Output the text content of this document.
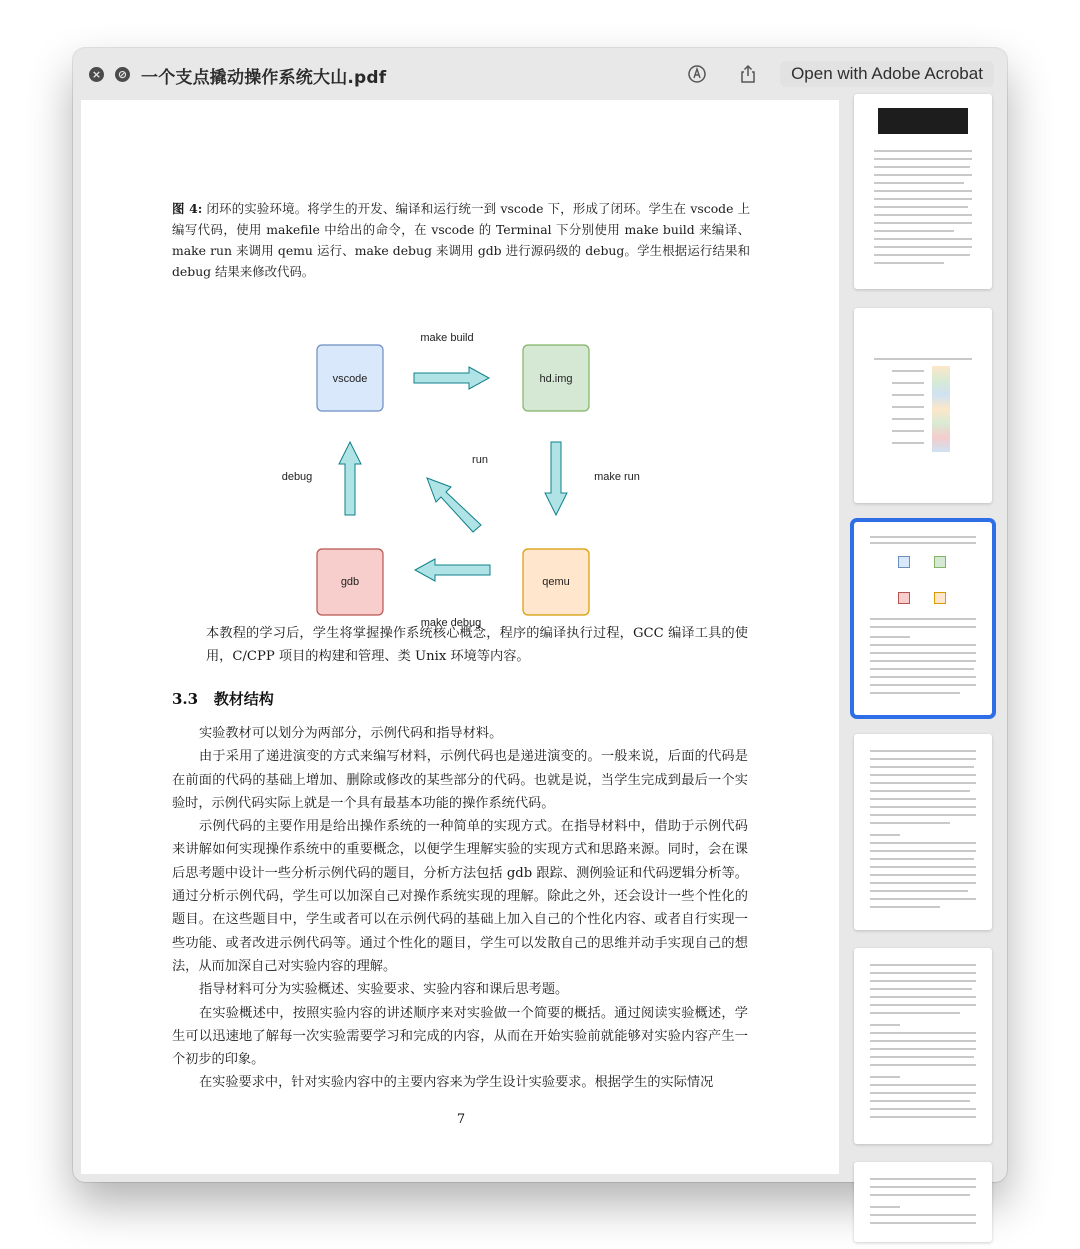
× ⊘ 一个支点撬动操作系统大山.pdf	Open with Adobe Acrobat
图 4: 闭环的实验环境。将学生的开发、编译和运行统一到 vscode 下，形成了闭环。学生在 vscode 上编写代码，使用 makefile 中给出的命令，在 vscode 的 Terminal 下分别使用 make build 来编译、make run 来调用 qemu 运行、make debug 来调用 gdb 进行源码级的 debug。学生根据运行结果和 debug 结果来修改代码。
vscode	hd.img
gdb	qemu
make build
make run
make debug
debug
run

本教程的学习后，学生将掌握操作系统核心概念，程序的编译执行过程，GCC 编译工具的使用，C/CPP 项目的构建和管理、类 Unix 环境等内容。

3.3 教材结构

实验教材可以划分为两部分，示例代码和指导材料。

由于采用了递进演变的方式来编写材料，示例代码也是递进演变的。一般来说，后面的代码是在前面的代码的基础上增加、删除或修改的某些部分的代码。也就是说，当学生完成到最后一个实验时，示例代码实际上就是一个具有最基本功能的操作系统代码。

示例代码的主要作用是给出操作系统的一种简单的实现方式。在指导材料中，借助于示例代码来讲解如何实现操作系统中的重要概念，以便学生理解实验的实现方式和思路来源。同时，会在课后思考题中设计一些分析示例代码的题目，分析方法包括 gdb 跟踪、测例验证和代码逻辑分析等。通过分析示例代码，学生可以加深自己对操作系统实现的理解。除此之外，还会设计一些个性化的题目。在这些题目中，学生或者可以在示例代码的基础上加入自己的个性化内容、或者自行实现一些功能、或者改进示例代码等。通过个性化的题目，学生可以发散自己的思维并动手实现自己的想法，从而加深自己对实验内容的理解。

指导材料可分为实验概述、实验要求、实验内容和课后思考题。

在实验概述中，按照实验内容的讲述顺序来对实验做一个简要的概括。通过阅读实验概述，学生可以迅速地了解每一次实验需要学习和完成的内容，从而在开始实验前就能够对实验内容产生一个初步的印象。

在实验要求中，针对实验内容中的主要内容来为学生设计实验要求。根据学生的实际情况

7
